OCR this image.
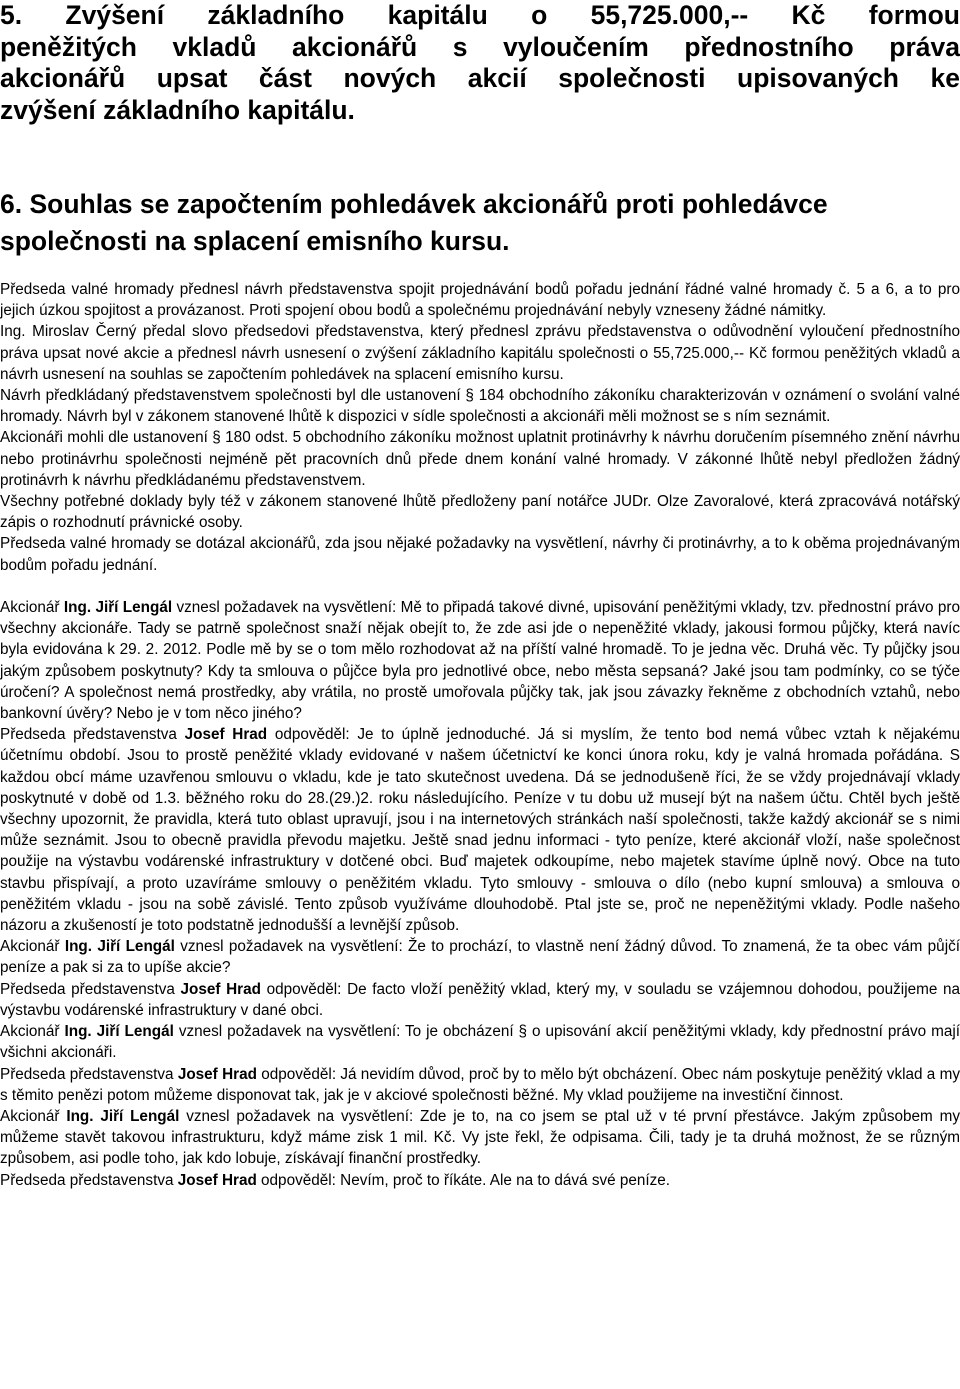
5. Zvýšení základního kapitálu o 55,725.000,-- Kč formou
peněžitých vkladů akcionářů s vyloučením přednostního práva
akcionářů upsat část nových akcií společnosti upisovaných ke
zvýšení základního kapitálu.
6. Souhlas se započtením pohledávek akcionářů proti pohledávce
společnosti na splacení emisního kursu.

Předseda valné hromady přednesl návrh představenstva spojit projednávání bodů pořadu jednání řádné valné hromady č. 5 a 6, a to pro jejich úzkou spojitost a provázanost. Proti spojení obou bodů a společnému projednávání nebyly vzneseny žádné námitky.

Ing. Miroslav Černý předal slovo předsedovi představenstva, který přednesl zprávu představenstva o odůvodnění vyloučení přednostního práva upsat nové akcie a přednesl návrh usnesení o zvýšení základního kapitálu společnosti o 55,725.000,-- Kč formou peněžitých vkladů a návrh usnesení na souhlas se započtením pohledávek na splacení emisního kursu.

Návrh předkládaný představenstvem společnosti byl dle ustanovení § 184 obchodního zákoníku charakterizován v oznámení o svolání valné hromady. Návrh byl v zákonem stanovené lhůtě k dispozici v sídle společnosti a akcionáři měli možnost se s ním seznámit.

Akcionáři mohli dle ustanovení § 180 odst. 5 obchodního zákoníku možnost uplatnit protinávrhy k návrhu doručením písemného znění návrhu nebo protinávrhu společnosti nejméně pět pracovních dnů přede dnem konání valné hromady. V zákonné lhůtě nebyl předložen žádný protinávrh k návrhu předkládanému představenstvem.

Všechny potřebné doklady byly též v zákonem stanovené lhůtě předloženy paní notářce JUDr. Olze Zavoralové, která zpracovává notářský zápis o rozhodnutí právnické osoby.

Předseda valné hromady se dotázal akcionářů, zda jsou nějaké požadavky na vysvětlení, návrhy či protinávrhy, a to k oběma projednávaným bodům pořadu jednání.

Akcionář Ing. Jiří Lengál vznesl požadavek na vysvětlení: Mě to připadá takové divné, upisování peněžitými vklady, tzv. přednostní právo pro všechny akcionáře. Tady se patrně společnost snaží nějak obejít to, že zde asi jde o nepeněžité vklady, jakousi formou půjčky, která navíc byla evidována k 29. 2. 2012. Podle mě by se o tom mělo rozhodovat až na příští valné hromadě. To je jedna věc. Druhá věc. Ty půjčky jsou jakým způsobem poskytnuty? Kdy ta smlouva o půjčce byla pro jednotlivé obce, nebo města sepsaná? Jaké jsou tam podmínky, co se týče úročení? A společnost nemá prostředky, aby vrátila, no prostě umořovala půjčky tak, jak jsou závazky řekněme z obchodních vztahů, nebo bankovní úvěry? Nebo je v tom něco jiného?

Předseda představenstva Josef Hrad odpověděl: Je to úplně jednoduché. Já si myslím, že tento bod nemá vůbec vztah k nějakému účetnímu období. Jsou to prostě peněžité vklady evidované v našem účetnictví ke konci února roku, kdy je valná hromada pořádána. S každou obcí máme uzavřenou smlouvu o vkladu, kde je tato skutečnost uvedena. Dá se jednodušeně říci, že se vždy projednávají vklady poskytnuté v době od 1.3. běžného roku do 28.(29.)2. roku následujícího. Peníze v tu dobu už musejí být na našem účtu. Chtěl bych ještě všechny upozornit, že pravidla, která tuto oblast upravují, jsou i na internetových stránkách naší společnosti, takže každý akcionář se s nimi může seznámit. Jsou to obecně pravidla převodu majetku. Ještě snad jednu informaci - tyto peníze, které akcionář vloží, naše společnost použije na výstavbu vodárenské infrastruktury v dotčené obci. Buď majetek odkoupíme, nebo majetek stavíme úplně nový. Obce na tuto stavbu přispívají, a proto uzavíráme smlouvy o peněžitém vkladu. Tyto smlouvy - smlouva o dílo (nebo kupní smlouva) a smlouva o peněžitém vkladu - jsou na sobě závislé. Tento způsob využíváme dlouhodobě. Ptal jste se, proč ne nepeněžitými vklady. Podle našeho názoru a zkušeností je toto podstatně jednodušší a levnější způsob.

Akcionář Ing. Jiří Lengál vznesl požadavek na vysvětlení: Že to prochází, to vlastně není žádný důvod. To znamená, že ta obec vám půjčí peníze a pak si za to upíše akcie?

Předseda představenstva Josef Hrad odpověděl: De facto vloží peněžitý vklad, který my, v souladu se vzájemnou dohodou, použijeme na výstavbu vodárenské infrastruktury v dané obci.

Akcionář Ing. Jiří Lengál vznesl požadavek na vysvětlení: To je obcházení § o upisování akcií peněžitými vklady, kdy přednostní právo mají všichni akcionáři.

Předseda představenstva Josef Hrad odpověděl: Já nevidím důvod, proč by to mělo být obcházení. Obec nám poskytuje peněžitý vklad a my s těmito penězi potom můžeme disponovat tak, jak je v akciové společnosti běžné. My vklad použijeme na investiční činnost.

Akcionář Ing. Jiří Lengál vznesl požadavek na vysvětlení: Zde je to, na co jsem se ptal už v té první přestávce. Jakým způsobem my můžeme stavět takovou infrastrukturu, když máme zisk 1 mil. Kč. Vy jste řekl, že odpisama. Čili, tady je ta druhá možnost, že se různým způsobem, asi podle toho, jak kdo lobuje, získávají finanční prostředky.

Předseda představenstva Josef Hrad odpověděl: Nevím, proč to říkáte. Ale na to dává své peníze.
